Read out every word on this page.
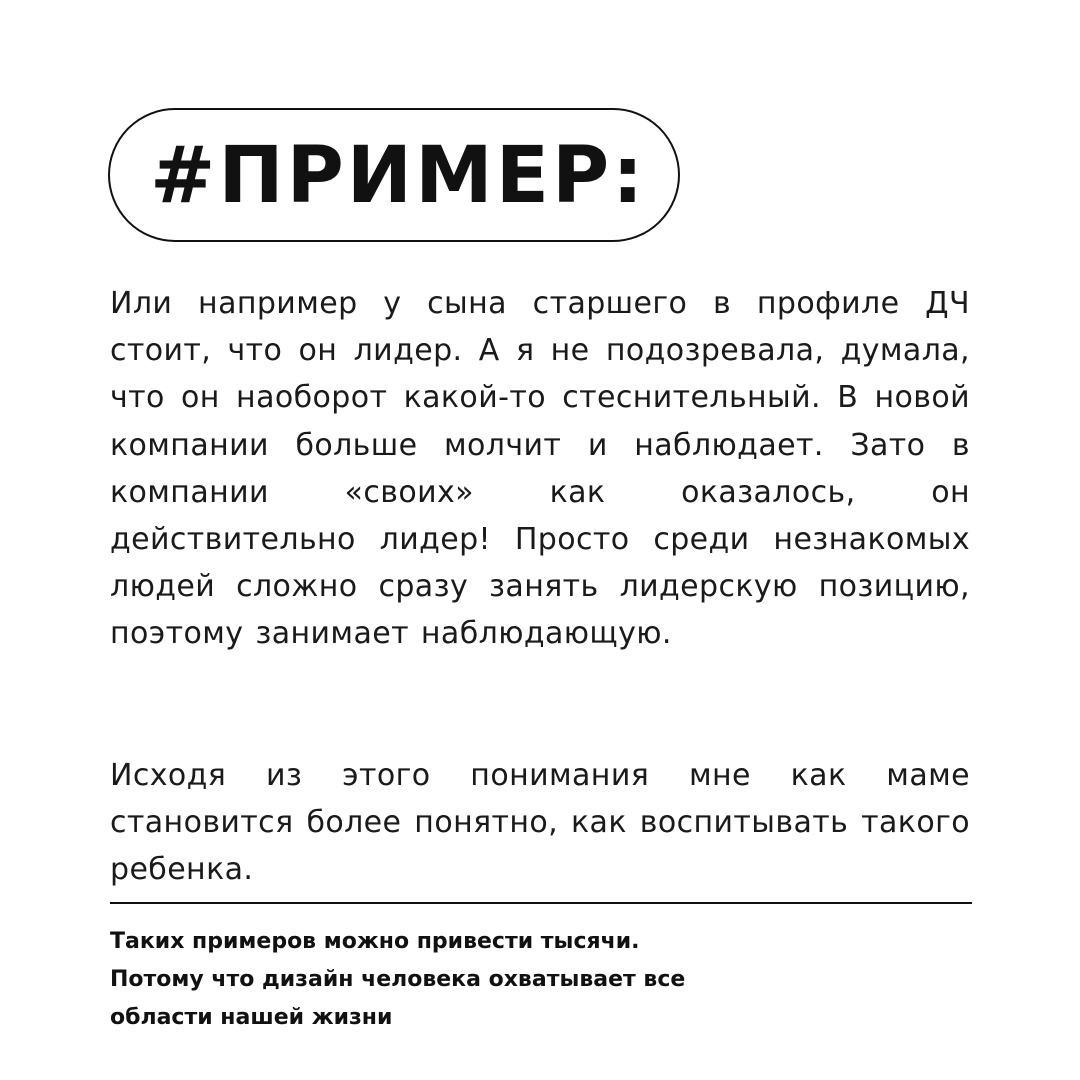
#ПРИМЕР:
Или например у сына старшего в профиле ДЧ стоит, что он лидер. А я не подозревала, думала, что он наоборот какой-то стеснительный. В новой компании больше молчит и наблюдает. Зато в компании «своих» как оказалось, он действительно лидер! Просто среди незнакомых людей сложно сразу занять лидерскую позицию, поэтому занимает наблюдающую.
Исходя из этого понимания мне как маме становится более понятно, как воспитывать такого ребенка.
Таких примеров можно привести тысячи.
Потому что дизайн человека охватывает все
области нашей жизни
